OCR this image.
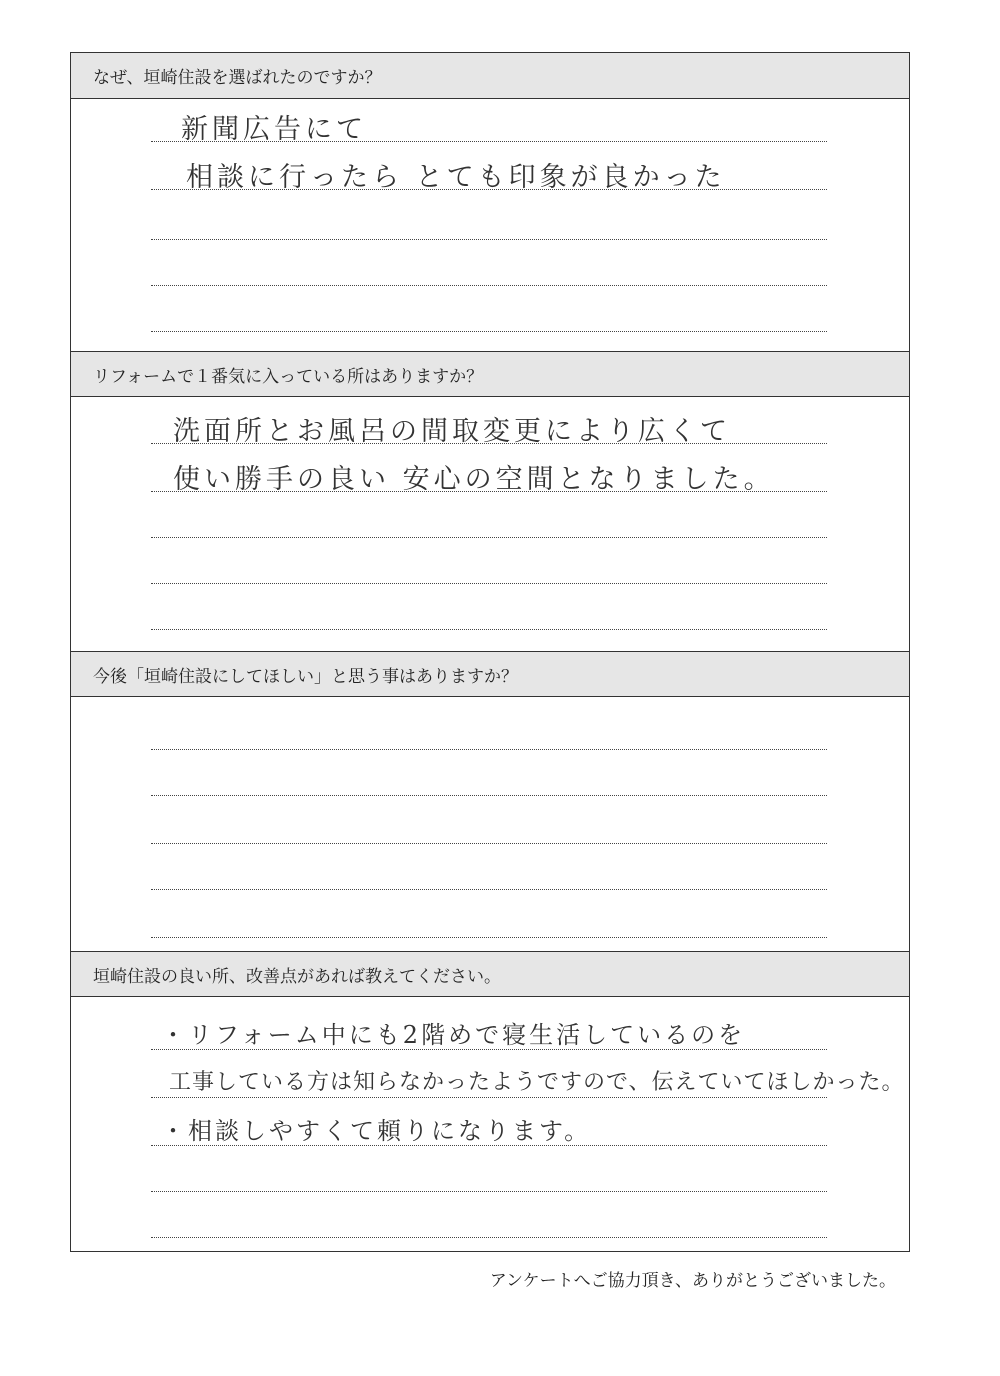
なぜ、垣崎住設を選ばれたのですか？
新聞広告にて
相談に行ったら とても印象が良かった
リフォームで１番気に入っている所はありますか？
洗面所とお風呂の間取変更により広くて
使い勝手の良い 安心の空間となりました。
今後「垣崎住設にしてほしい」と思う事はありますか？
垣崎住設の良い所、改善点があれば教えてください。
・リフォーム中にも2階めで寝生活しているのを
工事している方は知らなかったようですので、伝えていてほしかった。
・相談しやすくて頼りになります。
アンケートへご協力頂き、ありがとうございました。
